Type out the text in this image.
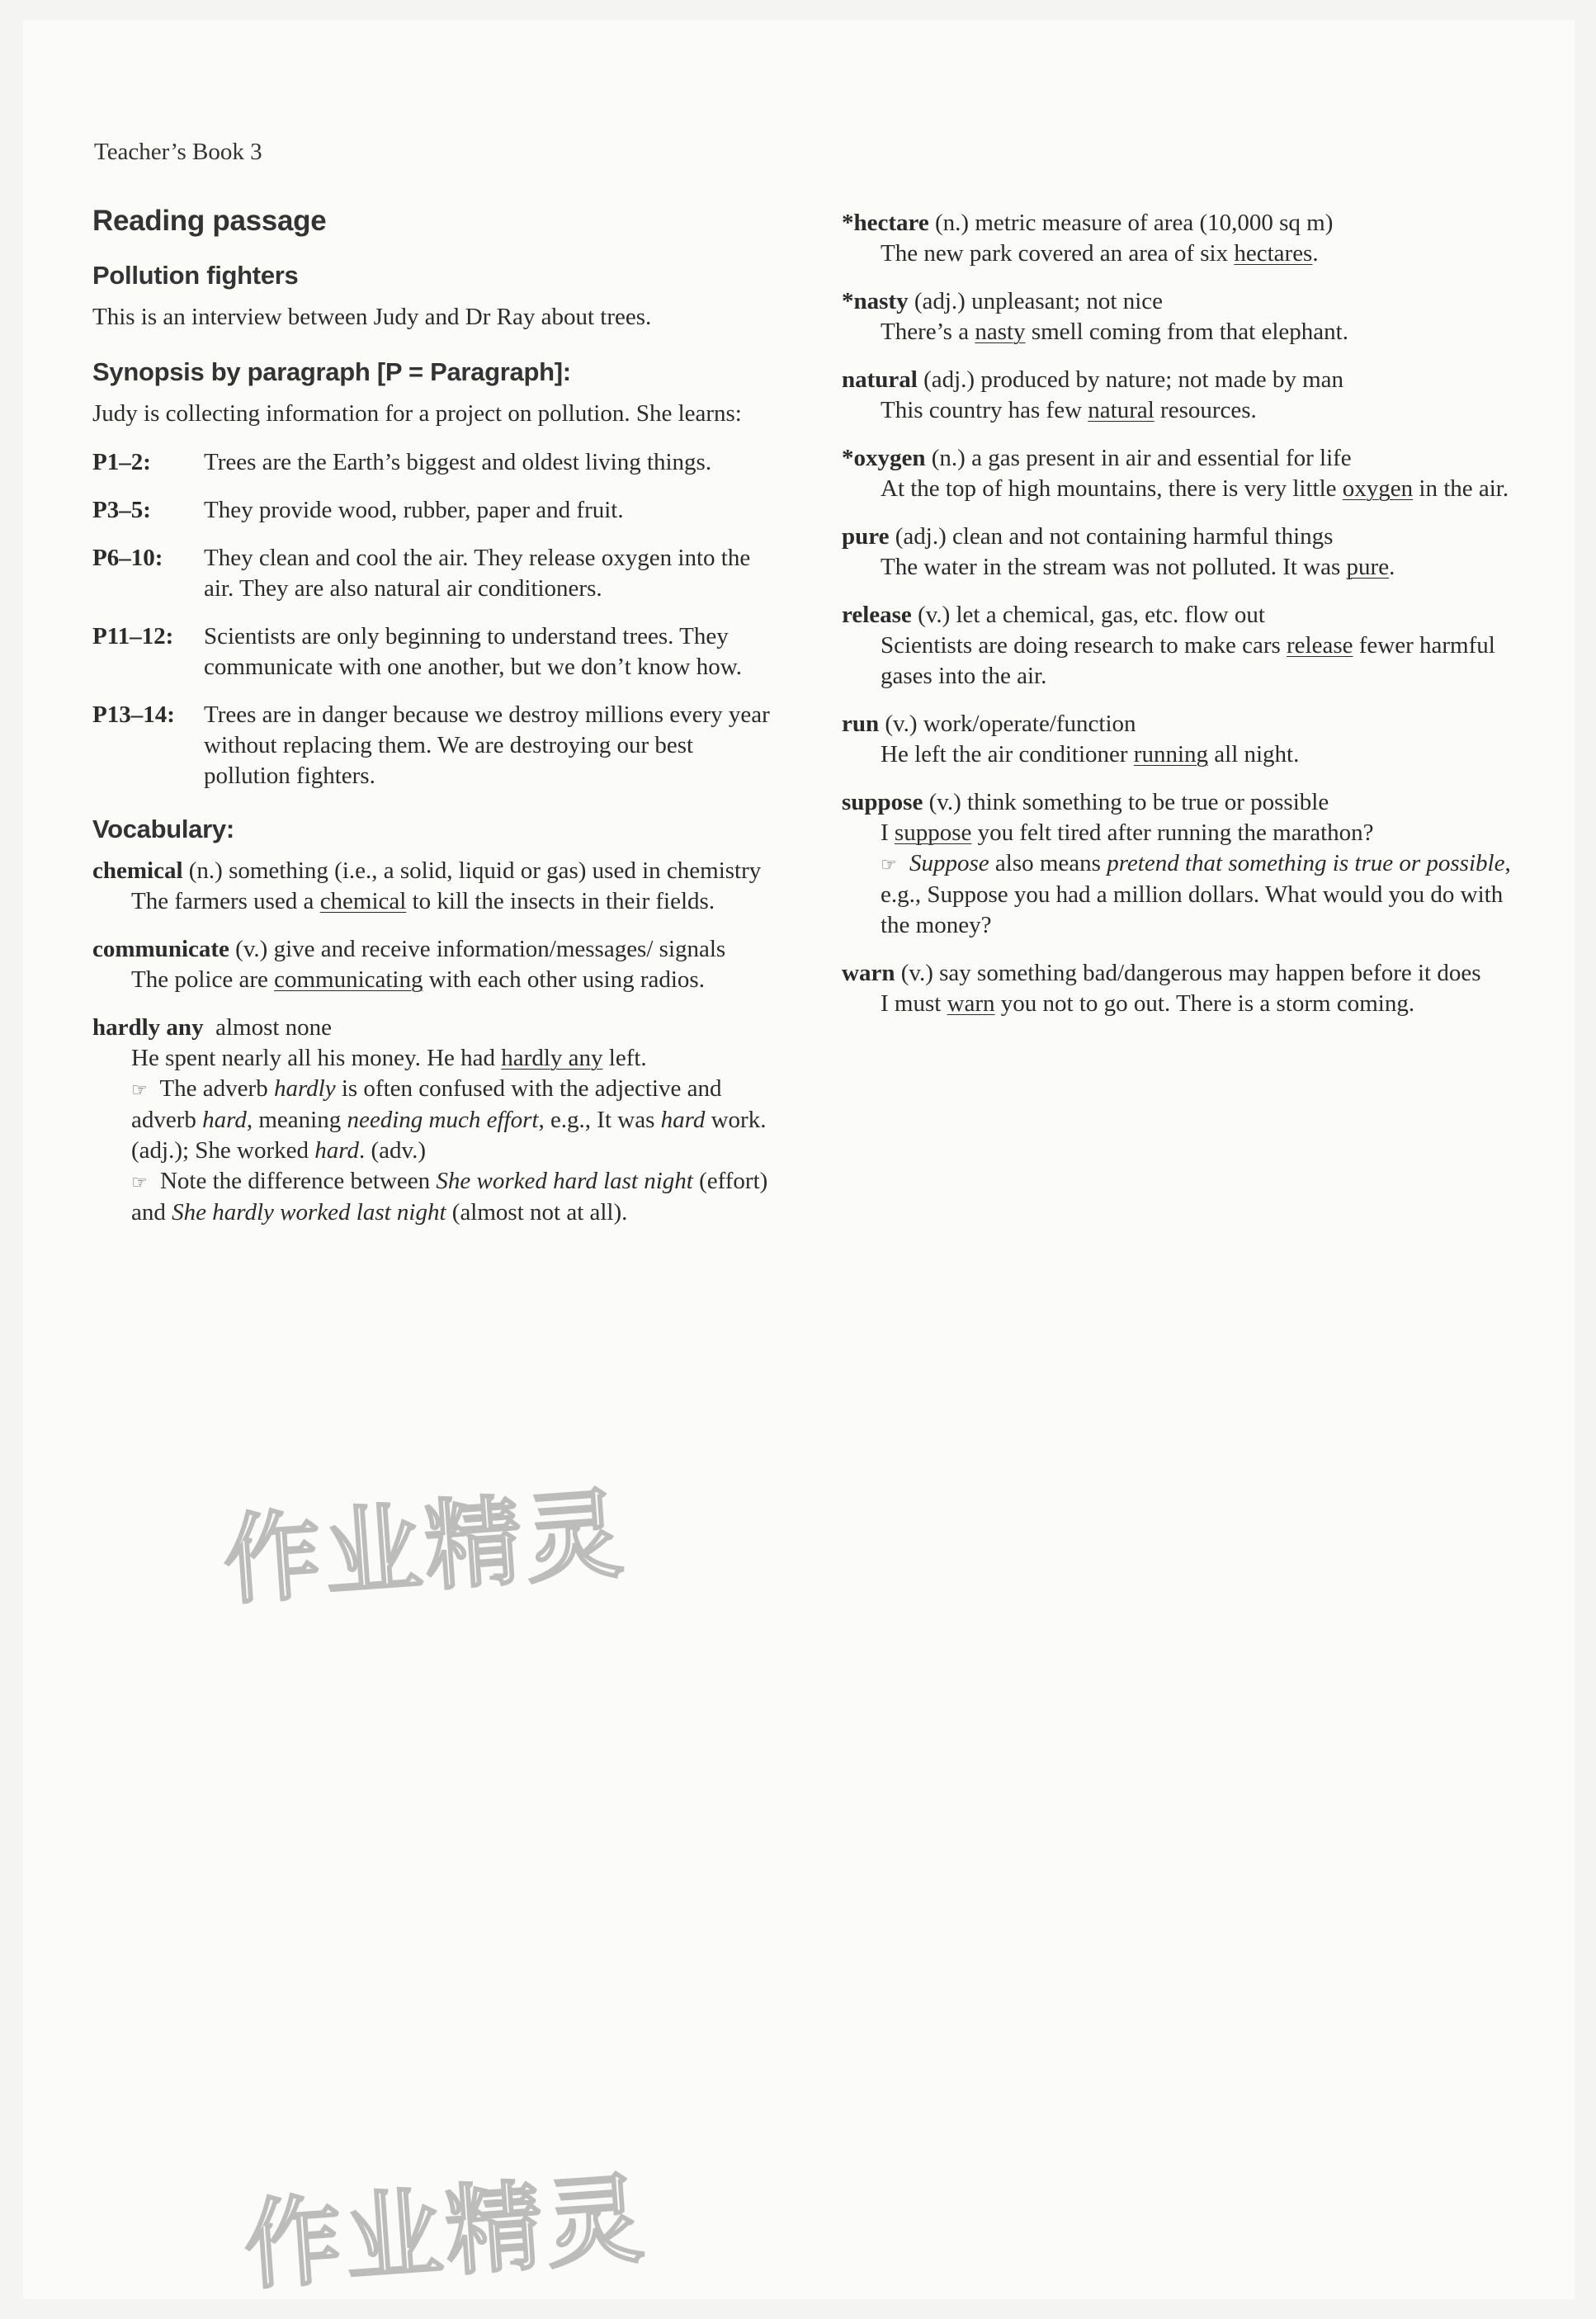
Teacher’s Book 3
Reading passage
Pollution fighters

This is an interview between Judy and Dr Ray about trees.

Synopsis by paragraph [P = Paragraph]:

Judy is collecting information for a project on pollution. She learns:

P1–2:	Trees are the Earth’s biggest and oldest living things.
P3–5:	They provide wood, rubber, paper and fruit.
P6–10:	They clean and cool the air. They release oxygen into the air. They are also natural air conditioners.
P11–12:	Scientists are only beginning to understand trees. They communicate with one another, but we don’t know how.
P13–14:	Trees are in danger because we destroy millions every year without replacing them. We are destroying our best pollution fighters.
Vocabulary:

chemical (n.) something (i.e., a solid, liquid or gas) used in chemistry

The farmers used a chemical to kill the insects in their fields.

communicate (v.) give and receive information/messages/ signals

The police are communicating with each other using radios.

hardly any  almost none

He spent nearly all his money. He had hardly any left.

☞ The adverb hardly is often confused with the adjective and adverb hard, meaning needing much effort, e.g., It was hard work. (adj.); She worked hard. (adv.)

☞ Note the difference between She worked hard last night (effort) and She hardly worked last night (almost not at all).

*hectare (n.) metric measure of area (10,000 sq m)

The new park covered an area of six hectares.

*nasty (adj.) unpleasant; not nice

There’s a nasty smell coming from that elephant.

natural (adj.) produced by nature; not made by man

This country has few natural resources.

*oxygen (n.) a gas present in air and essential for life

At the top of high mountains, there is very little oxygen in the air.

pure (adj.) clean and not containing harmful things

The water in the stream was not polluted. It was pure.

release (v.) let a chemical, gas, etc. flow out

Scientists are doing research to make cars release fewer harmful gases into the air.

run (v.) work/operate/function

He left the air conditioner running all night.

suppose (v.) think something to be true or possible

I suppose you felt tired after running the marathon?

☞ Suppose also means pretend that something is true or possible, e.g., Suppose you had a million dollars. What would you do with the money?

warn (v.) say something bad/dangerous may happen before it does

I must warn you not to go out. There is a storm coming.

作业精灵
作业精灵
